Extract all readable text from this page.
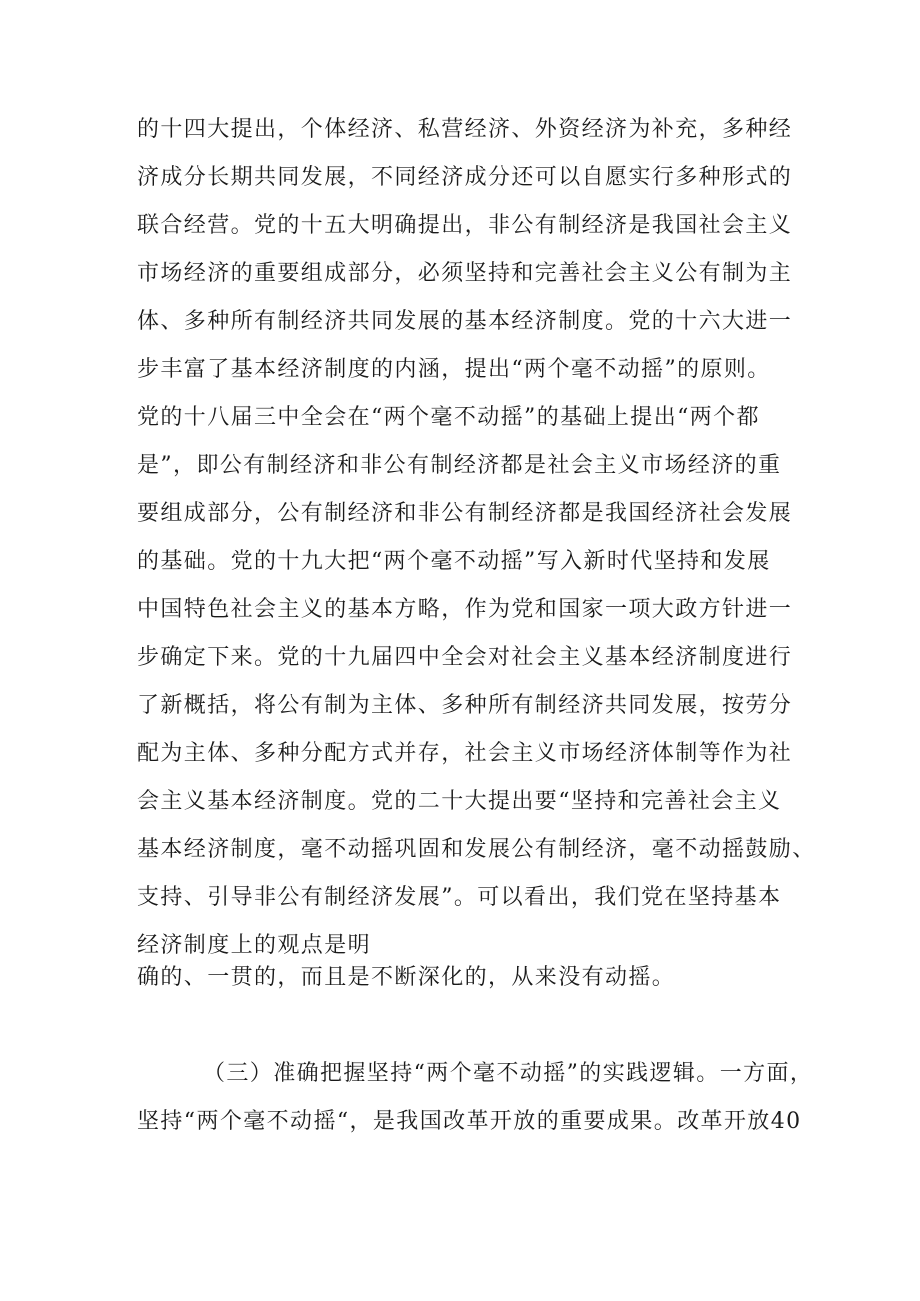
的十四大提出，个体经济、私营经济、外资经济为补充，多种经
济成分长期共同发展，不同经济成分还可以自愿实行多种形式的
联合经营。党的十五大明确提出，非公有制经济是我国社会主义
市场经济的重要组成部分，必须坚持和完善社会主义公有制为主
体、多种所有制经济共同发展的基本经济制度。党的十六大进一
步丰富了基本经济制度的内涵，提出“两个毫不动摇”的原则。
党的十八届三中全会在“两个毫不动摇”的基础上提出“两个都
是”，即公有制经济和非公有制经济都是社会主义市场经济的重
要组成部分，公有制经济和非公有制经济都是我国经济社会发展
的基础。党的十九大把“两个毫不动摇”写入新时代坚持和发展
中国特色社会主义的基本方略，作为党和国家一项大政方针进一
步确定下来。党的十九届四中全会对社会主义基本经济制度进行
了新概括，将公有制为主体、多种所有制经济共同发展，按劳分
配为主体、多种分配方式并存，社会主义市场经济体制等作为社
会主义基本经济制度。党的二十大提出要“坚持和完善社会主义
基本经济制度，毫不动摇巩固和发展公有制经济，毫不动摇鼓励、
支持、引导非公有制经济发展”。可以看出，我们党在坚持基本
经济制度上的观点是明
确的、一贯的，而且是不断深化的，从来没有动摇。
（三）准确把握坚持“两个毫不动摇”的实践逻辑。一方面，
坚持“两个毫不动摇“，是我国改革开放的重要成果。改革开放40
